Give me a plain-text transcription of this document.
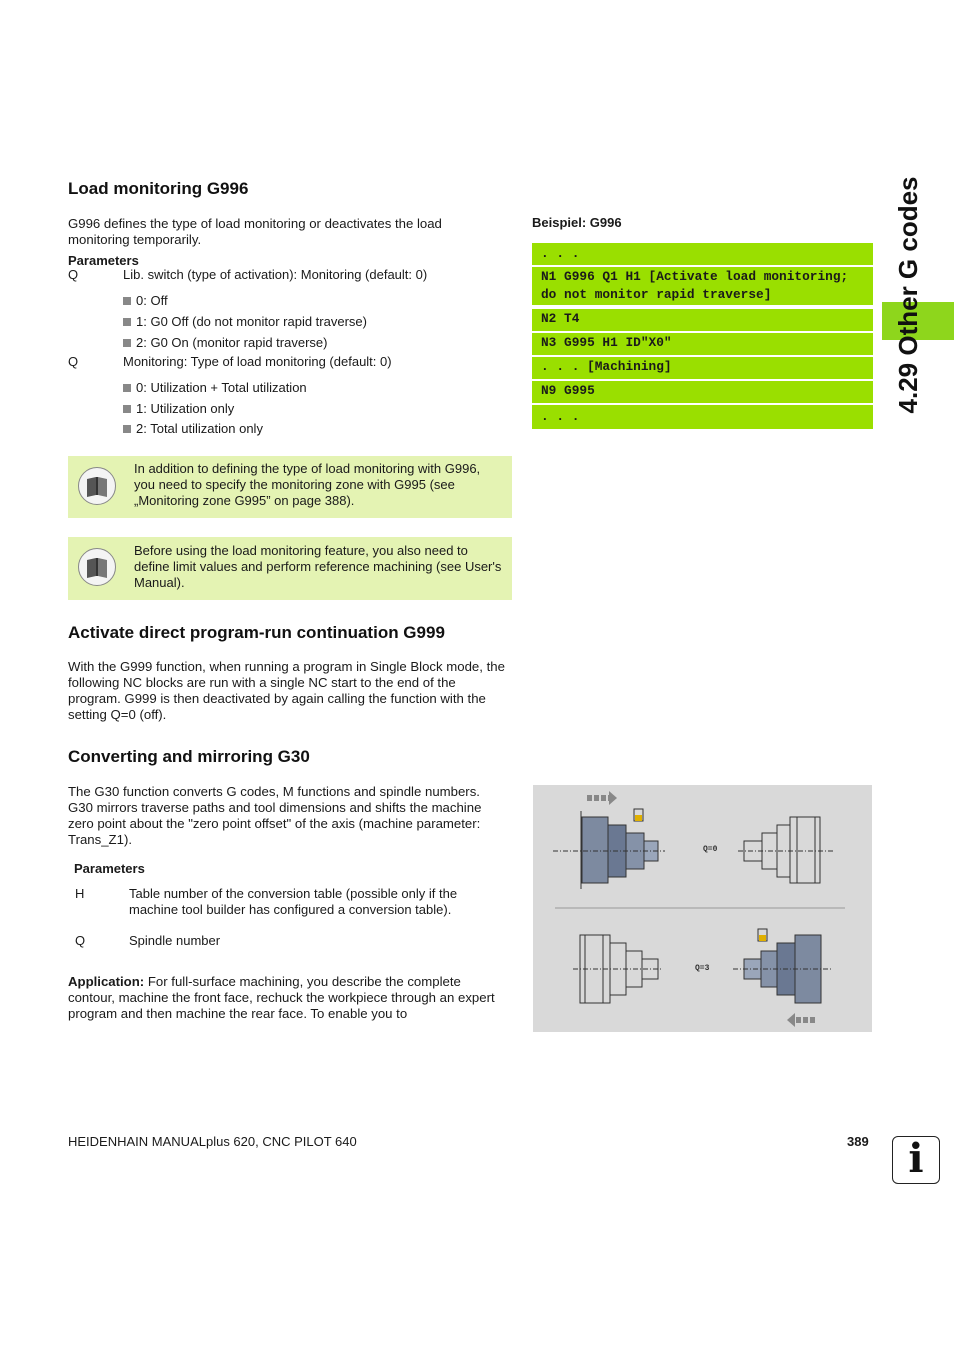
4.29 Other G codes
Load monitoring G996

G996 defines the type of load monitoring or deactivates the load monitoring temporarily.

Parameters
Q	Lib. switch (type of activation): Monitoring (default: 0)
0: Off
1: G0 Off (do not monitor rapid traverse)
2: G0 On (monitor rapid traverse)
Q	Monitoring: Type of load monitoring (default: 0)
0: Utilization + Total utilization
1: Utilization only
2: Total utilization only

In addition to defining the type of load monitoring with G996, you need to specify the monitoring zone with G995 (see „Monitoring zone G995” on page 388).

Before using the load monitoring feature, you also need to define limit values and perform reference machining (see User's Manual).

Beispiel: G996
. . .
N1 G996 Q1 H1 [Activate load monitoring; do not monitor rapid traverse]
N2 T4
N3 G995 H1 ID"X0"
. . . [Machining]
N9 G995
. . .
Activate direct program-run continuation G999

With the G999 function, when running a program in Single Block mode, the following NC blocks are run with a single NC start to the end of the program. G999 is then deactivated by again calling the function with the setting Q=0 (off).

Converting and mirroring G30

The G30 function converts G codes, M functions and spindle numbers. G30 mirrors traverse paths and tool dimensions and shifts the machine zero point about the "zero point offset" of the axis (machine parameter: Trans_Z1).

Parameters
H	Table number of the conversion table (possible only if the machine tool builder has configured a conversion table).
Q	Spindle number

Application: For full-surface machining, you describe the complete contour, machine the front face, rechuck the workpiece through an expert program and then machine the rear face. To enable you to

Q=0
Q=3
HEIDENHAIN MANUALplus 620, CNC PILOT 640	389 i
